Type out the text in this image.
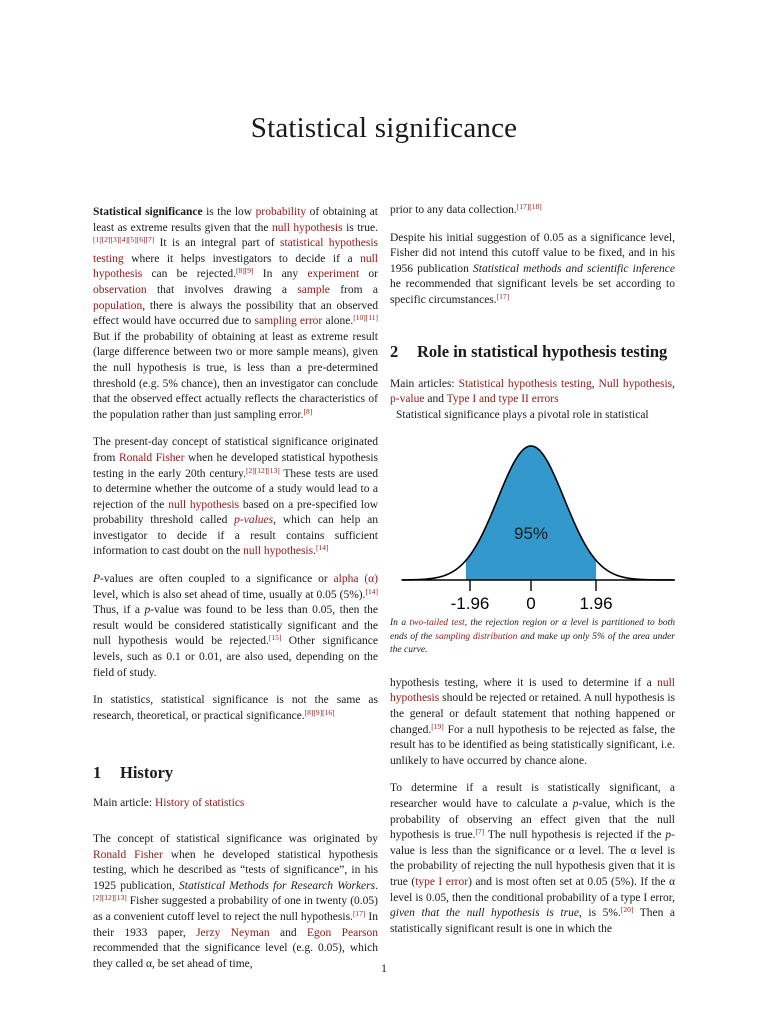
Statistical significance

Statistical significance is the low probability of obtaining at least as extreme results given that the null hypothesis is true.[1][2][3][4][5][6][7] It is an integral part of statistical hypothesis testing where it helps investigators to decide if a null hypothesis can be rejected.[8][9] In any experiment or observation that involves drawing a sample from a population, there is always the possibility that an observed effect would have occurred due to sampling error alone.[10][11] But if the probability of obtaining at least as extreme result (large difference between two or more sample means), given the null hypothesis is true, is less than a pre-determined threshold (e.g. 5% chance), then an investigator can conclude that the observed effect actually reflects the characteristics of the population rather than just sampling error.[8]

The present-day concept of statistical significance originated from Ronald Fisher when he developed statistical hypothesis testing in the early 20th century.[2][12][13] These tests are used to determine whether the outcome of a study would lead to a rejection of the null hypothesis based on a pre-specified low probability threshold called p-values, which can help an investigator to decide if a result contains sufficient information to cast doubt on the null hypothesis.[14]

P-values are often coupled to a significance or alpha (α) level, which is also set ahead of time, usually at 0.05 (5%).[14] Thus, if a p-value was found to be less than 0.05, then the result would be considered statistically significant and the null hypothesis would be rejected.[15] Other significance levels, such as 0.1 or 0.01, are also used, depending on the field of study.

In statistics, statistical significance is not the same as research, theoretical, or practical significance.[8][9][16]

1	History

Main article: History of statistics

The concept of statistical significance was originated by Ronald Fisher when he developed statistical hypothesis testing, which he described as “tests of significance”, in his 1925 publication, Statistical Methods for Research Workers.[2][12][13] Fisher suggested a probability of one in twenty (0.05) as a convenient cutoff level to reject the null hypothesis.[17] In their 1933 paper, Jerzy Neyman and Egon Pearson recommended that the significance level (e.g. 0.05), which they called α, be set ahead of time,

prior to any data collection.[17][18]

Despite his initial suggestion of 0.05 as a significance level, Fisher did not intend this cutoff value to be fixed, and in his 1956 publication Statistical methods and scientific inference he recommended that significant levels be set according to specific circumstances.[17]

2	Role in statistical hypothesis testing

Main articles: Statistical hypothesis testing, Null hypothesis, p-value and Type I and type II errors

Statistical significance plays a pivotal role in statistical

95%
-1.96 0	1.96

In a two-tailed test, the rejection region or α level is partitioned to both ends of the sampling distribution and make up only 5% of the area under the curve.

hypothesis testing, where it is used to determine if a null hypothesis should be rejected or retained. A null hypothesis is the general or default statement that nothing happened or changed.[19] For a null hypothesis to be rejected as false, the result has to be identified as being statistically significant, i.e. unlikely to have occurred by chance alone.

To determine if a result is statistically significant, a researcher would have to calculate a p-value, which is the probability of observing an effect given that the null hypothesis is true.[7] The null hypothesis is rejected if the p-value is less than the significance or α level. The α level is the probability of rejecting the null hypothesis given that it is true (type I error) and is most often set at 0.05 (5%). If the α level is 0.05, then the conditional probability of a type I error, given that the null hypothesis is true, is 5%.[20] Then a statistically significant result is one in which the

1
